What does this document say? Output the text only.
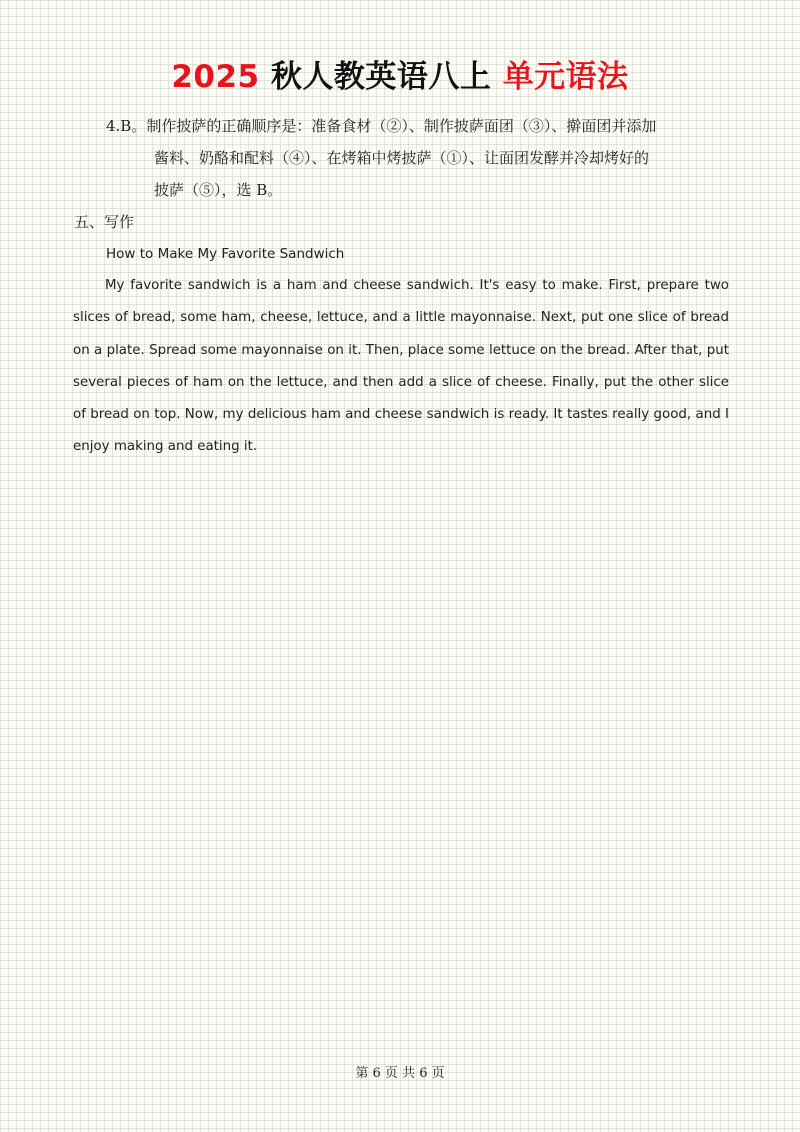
2025 秋人教英语八上 单元语法
4.B。制作披萨的正确顺序是：准备食材（②）、制作披萨面团（③）、擀面团并添加
酱料、奶酪和配料（④）、在烤箱中烤披萨（①）、让面团发酵并冷却烤好的
披萨（⑤），选 B。
五、写作
How to Make My Favorite Sandwich

My favorite sandwich is a ham and cheese sandwich. It's easy to make. First, prepare two slices of bread, some ham, cheese, lettuce, and a little mayonnaise. Next, put one slice of bread on a plate. Spread some mayonnaise on it. Then, place some lettuce on the bread. After that, put several pieces of ham on the lettuce, and then add a slice of cheese. Finally, put the other slice of bread on top. Now, my delicious ham and cheese sandwich is ready. It tastes really good, and I enjoy making and eating it.

第 6 页 共 6 页
